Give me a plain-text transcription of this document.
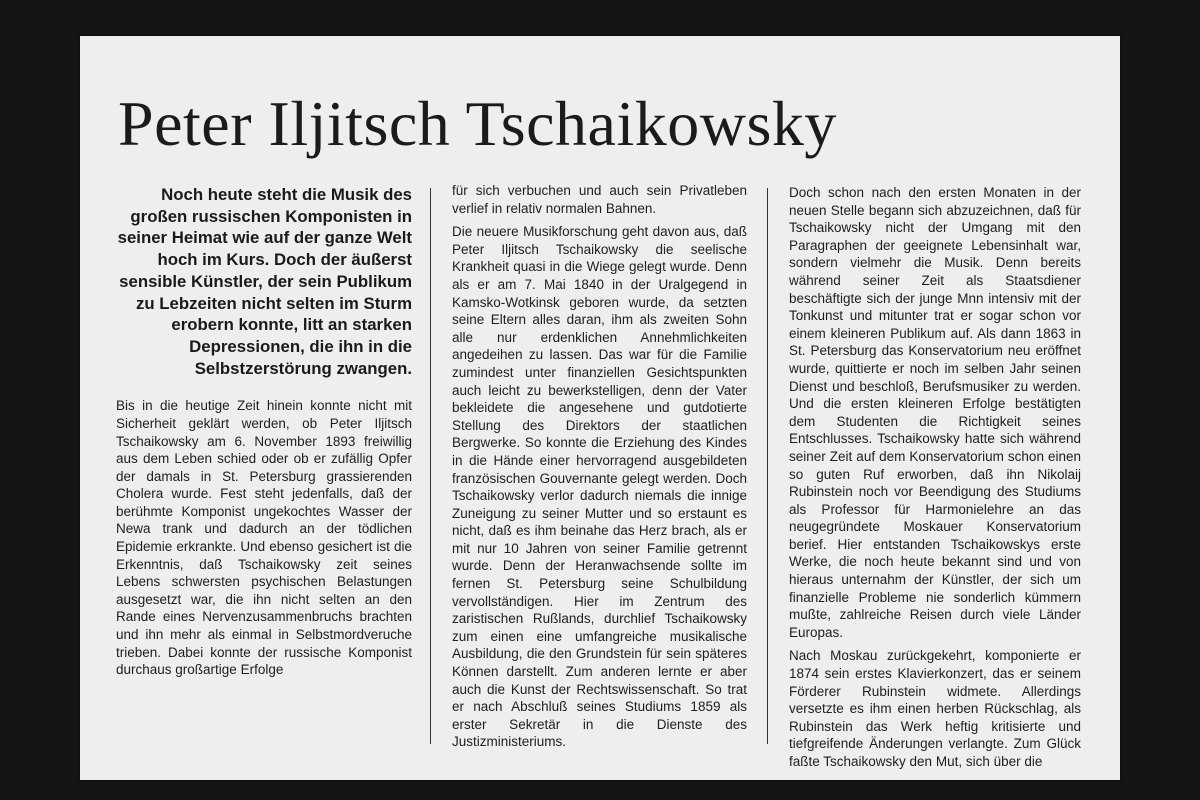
Peter Iljitsch Tschaikowsky

Noch heute steht die Musik des großen russischen Komponisten in seiner Heimat wie auf der ganze Welt hoch im Kurs. Doch der äußerst sensible Künstler, der sein Publikum zu Lebzeiten nicht selten im Sturm erobern konnte, litt an starken Depressionen, die ihn in die Selbstzerstörung zwangen.

Bis in die heutige Zeit hinein konnte nicht mit Sicherheit geklärt werden, ob Peter Iljitsch Tschaikowsky am 6. November 1893 freiwillig aus dem Leben schied oder ob er zufällig Opfer der damals in St. Petersburg grassierenden Cholera wurde. Fest steht jedenfalls, daß der berühmte Komponist ungekochtes Wasser der Newa trank und dadurch an der tödlichen Epidemie erkrankte. Und ebenso gesichert ist die Erkenntnis, daß Tschaikowsky zeit seines Lebens schwersten psychischen Belastungen ausgesetzt war, die ihn nicht selten an den Rande eines Nervenzusammenbruchs brachten und ihn mehr als einmal in Selbstmordveruche trieben. Dabei konnte der russische Komponist durchaus großartige Erfolge

für sich verbuchen und auch sein Privatleben verlief in relativ normalen Bahnen.

Die neuere Musikforschung geht davon aus, daß Peter Iljitsch Tschaikowsky die seelische Krankheit quasi in die Wiege gelegt wurde. Denn als er am 7. Mai 1840 in der Uralgegend in Kamsko-Wotkinsk geboren wurde, da setzten seine Eltern alles daran, ihm als zweiten Sohn alle nur erdenklichen Annehmlichkeiten angedeihen zu lassen. Das war für die Familie zumindest unter finanziellen Gesichtspunkten auch leicht zu bewerkstelligen, denn der Vater bekleidete die angesehene und gutdotierte Stellung des Direktors der staatlichen Bergwerke. So konnte die Erziehung des Kindes in die Hände einer hervorragend ausgebildeten französischen Gouvernante gelegt werden. Doch Tschaikowsky verlor dadurch niemals die innige Zuneigung zu seiner Mutter und so erstaunt es nicht, daß es ihm beinahe das Herz brach, als er mit nur 10 Jahren von seiner Familie getrennt wurde. Denn der Heranwachsende sollte im fernen St. Petersburg seine Schulbildung vervollständigen. Hier im Zentrum des zaristischen Rußlands, durchlief Tschaikowsky zum einen eine umfangreiche musikalische Ausbildung, die den Grundstein für sein späteres Können darstellt. Zum anderen lernte er aber auch die Kunst der Rechtswissenschaft. So trat er nach Abschluß seines Studiums 1859 als erster Sekretär in die Dienste des Justizministeriums.

Doch schon nach den ersten Monaten in der neuen Stelle begann sich abzuzeichnen, daß für Tschaikowsky nicht der Umgang mit den Paragraphen der geeignete Lebensinhalt war, sondern vielmehr die Musik. Denn bereits während seiner Zeit als Staatsdiener beschäftigte sich der junge Mnn intensiv mit der Tonkunst und mitunter trat er sogar schon vor einem kleineren Publikum auf. Als dann 1863 in St. Petersburg das Konservatorium neu eröffnet wurde, quittierte er noch im selben Jahr seinen Dienst und beschloß, Berufsmusiker zu werden. Und die ersten kleineren Erfolge bestätigten dem Studenten die Richtigkeit seines Entschlusses. Tschaikowsky hatte sich während seiner Zeit auf dem Konservatorium schon einen so guten Ruf erworben, daß ihn Nikolaij Rubinstein noch vor Beendigung des Studiums als Professor für Harmonielehre an das neugegründete Moskauer Konservatorium berief. Hier entstanden Tschaikowskys erste Werke, die noch heute bekannt sind und von hieraus unternahm der Künstler, der sich um finanzielle Probleme nie sonderlich kümmern mußte, zahlreiche Reisen durch viele Länder Europas.

Nach Moskau zurückgekehrt, komponierte er 1874 sein erstes Klavierkonzert, das er seinem Förderer Rubinstein widmete. Allerdings versetzte es ihm einen herben Rückschlag, als Rubinstein das Werk heftig kritisierte und tiefgreifende Änderungen verlangte. Zum Glück faßte Tschaikowsky den Mut, sich über die
